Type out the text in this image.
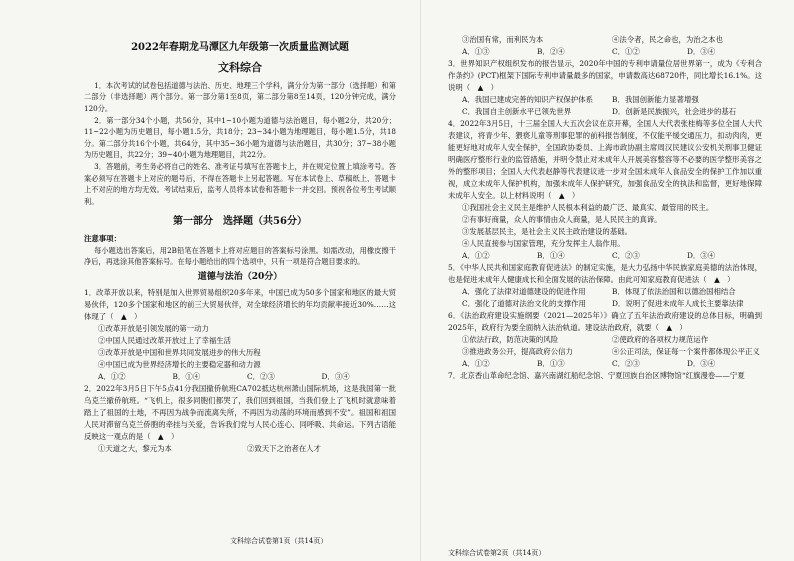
2022年春期龙马潭区九年级第一次质量监测试题
文科综合

1．本次考试的试卷包括道德与法治、历史、地理三个学科，满分分为第一部分（选择题）和第二部分（非选择题）两个部分。第一部分第1至8页，第二部分第8至14页，120分钟完成，满分120分。

2．第一部分34个小题，共56分，其中1~10小题为道德与法治题目，每小题2分，共20分；11~22小题为历史题目，每小题1.5分，共18分；23~34小题为地理题目，每小题1.5分，共18分。第二部分共16个小题，共64分，其中35~36小题为道德与法治题目，共30分；37~38小题为历史题目，共22分；39~40小题为地理题目，共22分。

3．答题前，考生务必将自己的姓名、准考证号填写在答题卡上，并在规定位置上填涂考号。答案必须写在答题卡上对应的题号后，不得在答题卡上另起答题。写在本试卷上、草稿纸上、答题卡上不对应的地方均无效。考试结束后，监考人员将本试卷和答题卡一并交回。预祝各位考生考试顺利。

第一部分　选择题（共56分）
注意事项：

每小题选出答案后，用2B铅笔在答题卡上将对应题目的答案标号涂黑。如需改动，用橡皮擦干净后，再选涂其他答案标号。在每小题给出的四个选项中，只有一项是符合题目要求的。

道德与法治（20分）

1．改革开放以来，特别是加入世界贸易组织20多年来，中国已成为50多个国家和地区的最大贸易伙伴，120多个国家和地区的前三大贸易伙伴，对全球经济增长的年均贡献率接近30%……这体现了（　▲　）

①改革开放是引领发展的第一动力
②中国人民通过改革开放过上了幸福生活
③改革开放是中国和世界共同发展进步的伟大历程
④中国已成为世界经济增长的主要稳定器和动力源
A．①②	B．①④	C．②③	D．③④

2．2022年3月5日下午5点41分我国撤侨航班CA702抵达杭州萧山国际机场，这是我国第一批乌克兰撤侨航班。“飞机上，很多同胞们都哭了，我们回到祖国，当我们登上了飞机时就意味着踏上了祖国的土地，不再因为战争而流离失所，不再因为动荡的环境而感到不安”。祖国和祖国人民对滞留乌克兰侨胞的牵挂与关爱，告诉我们党与人民心连心、同呼吸、共命运。下列古语能反映这一观点的是（　▲　）

①天道之大，黎元为本	②致天下之治者在人才
文科综合试卷第1页（共14页）
③治国有常，而利民为本	④法令者，民之命也，为治之本也
A．①③	B．②④	C．①②	D．③④

3．世界知识产权组织发布的报告显示，2020年中国的专利申请量位居世界第一，成为《专利合作条约》(PCT)框架下国际专利申请量最多的国家，申请数高达68720件，同比增长16.1%。这说明（　▲　）

A．我国已建成完善的知识产权保护体系	B．我国创新能力显著增强
C．我国自主创新水平已领先世界	D．创新是民族振兴，社会进步的基石

4．2022年3月5日，十三届全国人大五次会议在京开幕，全国人大代表张桂梅等多位全国人大代表建议，将青少年、猥亵儿童等刑事犯罪的前科报告制度，不仅能平缓交通压力，扣动肉肉，更能更好地对成年人安全保护，全国政协委员、上海市政协副主席周汉民建议公安机关刑事卫健证明确医疗整形行业的监管措施，并明令禁止对未成年人开展美容整容等不必要的医学整形美容之外的整形项目；全国人大代表赵静等代表建议进一步对全国未成年人食品安全的保护工作加以重视，成立未成年人保护机构，加强未成年人保护研究，加强食品安全的执法和监督，更好地保障未成年人安全。以上材料说明（　▲　）

①我国社会主义民主是维护人民根本利益的最广泛、最真实、最管用的民主。
②有事好商量，众人的事情由众人商量，是人民民主的真谛。
③发展基层民主，是社会主义民主政治建设的基础。
④人民直接参与国家管理，充分发挥主人翁作用。
A．①②	B．①④	C．②③	D．③④

5．《中华人民共和国家庭教育促进法》的制定实施，是大力弘扬中华民族家庭美德的法治体现，也是促进未成年人健康成长和全面发展的法治保障。由此可知家庭教育促进法（　▲　）

A．强化了法律对道德建设的促进作用	B．体现了依法治国和以德治国相结合
C．强化了道德对法治文化的支撑作用	D．说明了促进未成年人成长主要靠法律

6．《法治政府建设实施纲要（2021—2025年）》确立了五年法治政府建设的总体目标，明确到2025年，政府行为要全面纳入法治轨道。建设法治政府，就要（　▲　）

①依法行政，防范决策的风险	②使政府的各项权力规范运作
③推进政务公开，提高政府公信力	④公正司法，保证每一个案件都体现公平正义
A．①②	B．①③	C．②③	D．③④

7．北京香山革命纪念馆、嘉兴南湖红船纪念馆、宁夏回族自治区博物馆“红旗漫卷——宁夏

文科综合试卷第2页（共14页）
